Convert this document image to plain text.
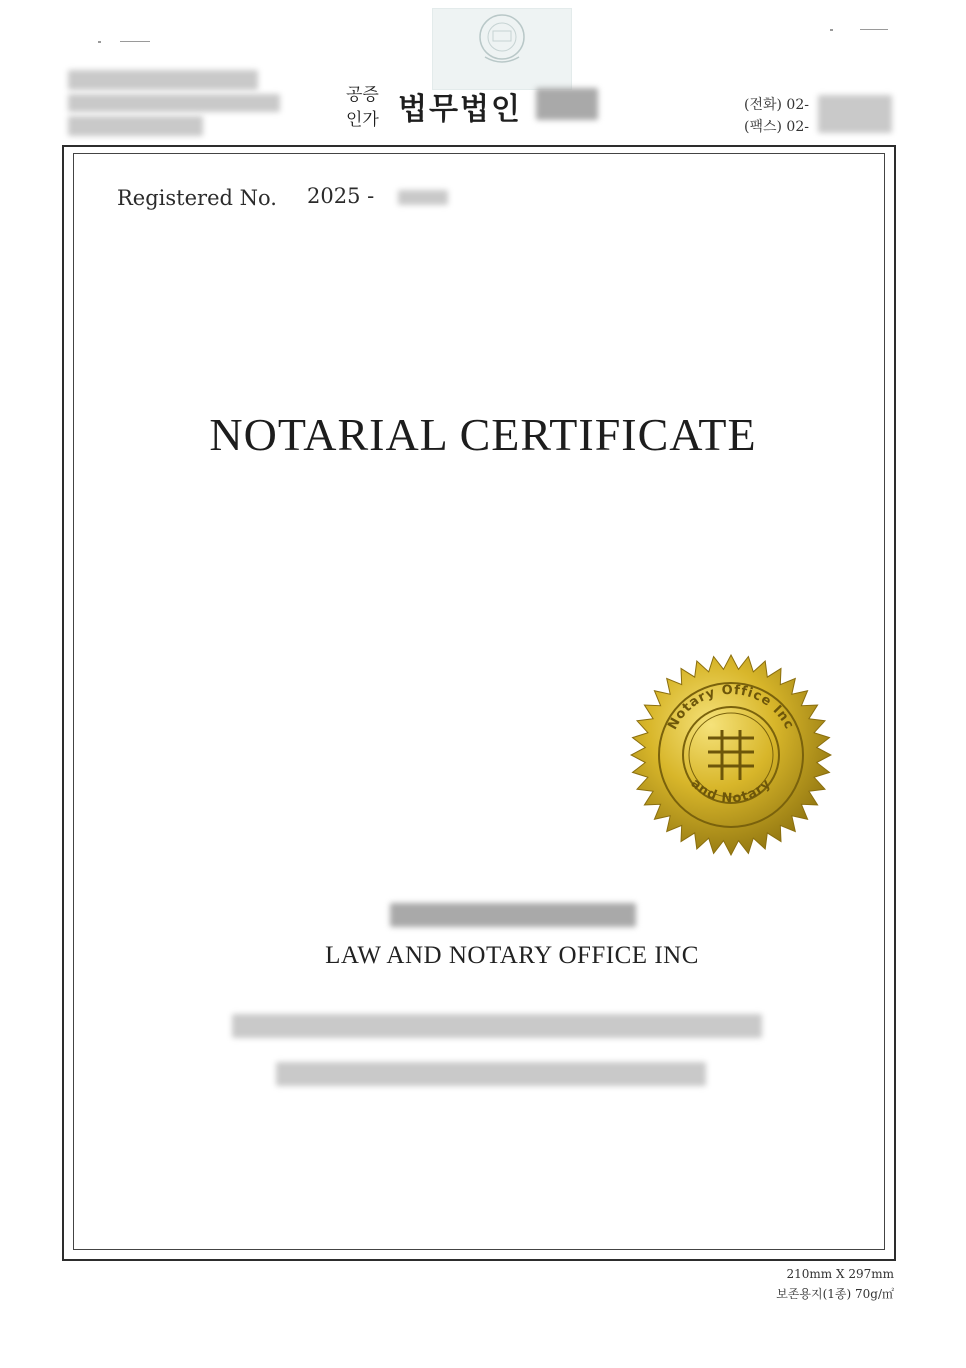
공증
인가 법무법인	(전화) 02-
(팩스) 02-
Registered No. 2025 -
NOTARIAL CERTIFICATE
Notary Office Inc
and Notary
LAW AND NOTARY OFFICE INC
210mm X 297mm
보존용지(1종) 70g/㎡
